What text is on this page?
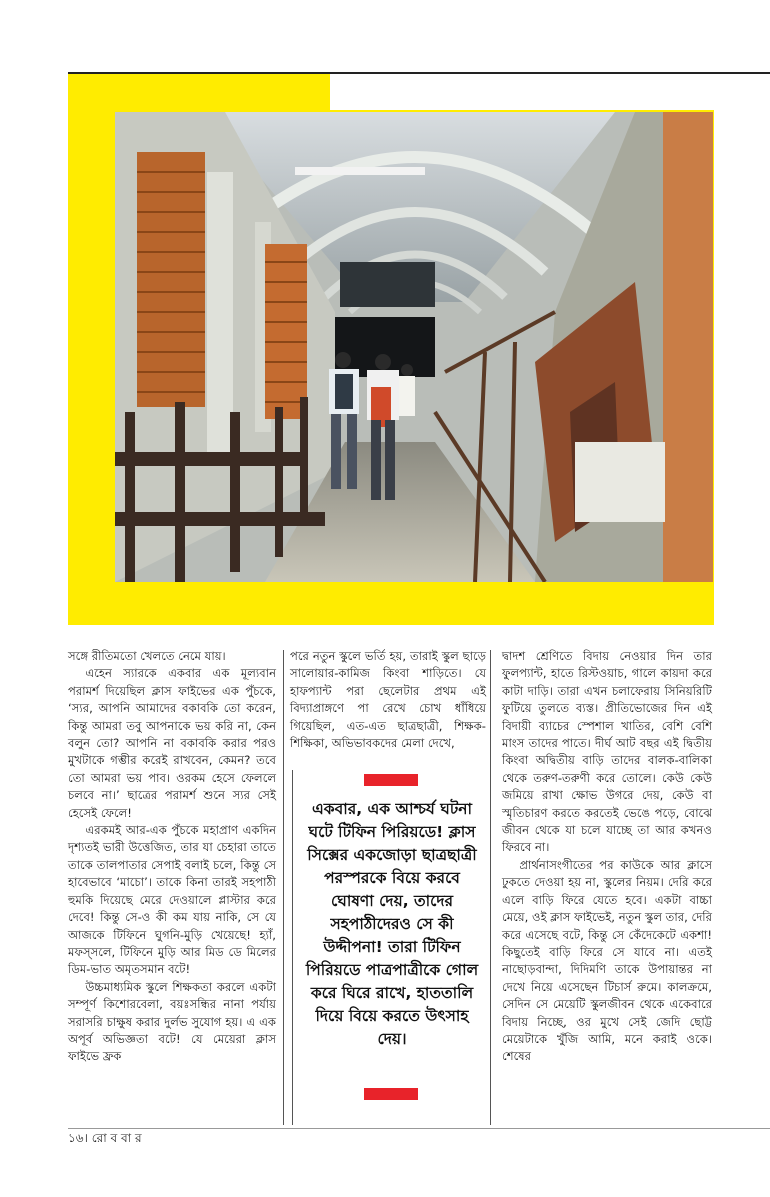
সঙ্গে রীতিমতো খেলতে নেমে যায়।

এহেন স্যারকে একবার এক মূল্যবান পরামর্শ দিয়েছিল ক্লাস ফাইভের এক পুঁচকে, ‘স্যর, আপনি আমাদের বকাবকি তো করেন, কিন্তু আমরা তবু আপনাকে ভয় করি না, কেন বলুন তো? আপনি না বকাবকি করার পরও মুখটাকে গম্ভীর করেই রাখবেন, কেমন? তবে তো আমরা ভয় পাব। ওরকম হেসে ফেললে চলবে না।’ ছাত্রের পরামর্শ শুনে স্যর সেই হেসেই ফেলে!

এরকমই আর-এক পুঁচকে মহাপ্রাণ একদিন দৃশ্যতই ভারী উত্তেজিত, তার যা চেহারা তাতে তাকে তালপাতার সেপাই বলাই চলে, কিন্তু সে হাবেভাবে ‘মাচো’। তাকে কিনা তারই সহপাঠী হুমকি দিয়েছে মেরে দেওয়ালে প্লাস্টার করে দেবে! কিন্তু সে-ও কী কম যায় নাকি, সে যে আজকে টিফিনে ঘুগনি-মুড়ি খেয়েছে! হ্যাঁ, মফস্সলে, টিফিনে মুড়ি আর মিড ডে মিলের ডিম-ভাত অমৃতসমান বটে!

উচ্চমাধ্যমিক স্কুলে শিক্ষকতা করলে একটা সম্পূর্ণ কিশোরবেলা, বয়ঃসন্ধির নানা পর্যায় সরাসরি চাক্ষুষ করার দুর্লভ সুযোগ হয়। এ এক অপূর্ব অভিজ্ঞতা বটে! যে মেয়েরা ক্লাস ফাইভে ফ্রক

পরে নতুন স্কুলে ভর্তি হয়, তারাই স্কুল ছাড়ে সালোয়ার-কামিজ কিংবা শাড়িতে। যে হাফপ্যান্ট পরা ছেলেটার প্রথম এই বিদ্যাপ্রাঙ্গণে পা রেখে চোখ ধাঁধিয়ে গিয়েছিল, এত-এত ছাত্রছাত্রী, শিক্ষক-শিক্ষিকা, অভিভাবকদের মেলা দেখে,

একবার, এক আশ্চর্য ঘটনা ঘটে টিফিন পিরিয়ডে! ক্লাস সিক্সের একজোড়া ছাত্রছাত্রী পরস্পরকে বিয়ে করবে ঘোষণা দেয়, তাদের সহপাঠীদেরও সে কী উদ্দীপনা! তারা টিফিন পিরিয়ডে পাত্রপাত্রীকে গোল করে ঘিরে রাখে, হাততালি দিয়ে বিয়ে করতে উৎসাহ দেয়।

দ্বাদশ শ্রেণিতে বিদায় নেওয়ার দিন তার ফুলপ্যান্ট, হাতে রিস্টওয়াচ, গালে কায়দা করে কাটা দাড়ি। তারা এখন চলাফেরায় সিনিয়রিটি ফুটিয়ে তুলতে ব্যস্ত। প্রীতিভোজের দিন এই বিদায়ী ব্যাচের স্পেশাল খাতির, বেশি বেশি মাংস তাদের পাতে। দীর্ঘ আট বছর এই দ্বিতীয় কিংবা অদ্বিতীয় বাড়ি তাদের বালক-বালিকা থেকে তরুণ-তরুণী করে তোলে। কেউ কেউ জমিয়ে রাখা ক্ষোভ উগরে দেয়, কেউ বা স্মৃতিচারণ করতে করতেই ভেঙে পড়ে, বোঝে জীবন থেকে যা চলে যাচ্ছে তা আর কখনও ফিরবে না।

প্রার্থনাসংগীতের পর কাউকে আর ক্লাসে ঢুকতে দেওয়া হয় না, স্কুলের নিয়ম। দেরি করে এলে বাড়ি ফিরে যেতে হবে। একটা বাচ্চা মেয়ে, ওই ক্লাস ফাইভেই, নতুন স্কুল তার, দেরি করে এসেছে বটে, কিন্তু সে কেঁদেকেটে একশা! কিছুতেই বাড়ি ফিরে সে যাবে না। এতই নাছোড়বান্দা, দিদিমণি তাকে উপায়ান্তর না দেখে নিয়ে এসেছেন টিচার্স রুমে। কালক্রমে, সেদিন সে মেয়েটি স্কুলজীবন থেকে একেবারে বিদায় নিচ্ছে, ওর মুখে সেই জেদি ছোট্ট মেয়েটাকে খুঁজি আমি, মনে করাই ওকে। শেষের

১৬। রো ব বা র
